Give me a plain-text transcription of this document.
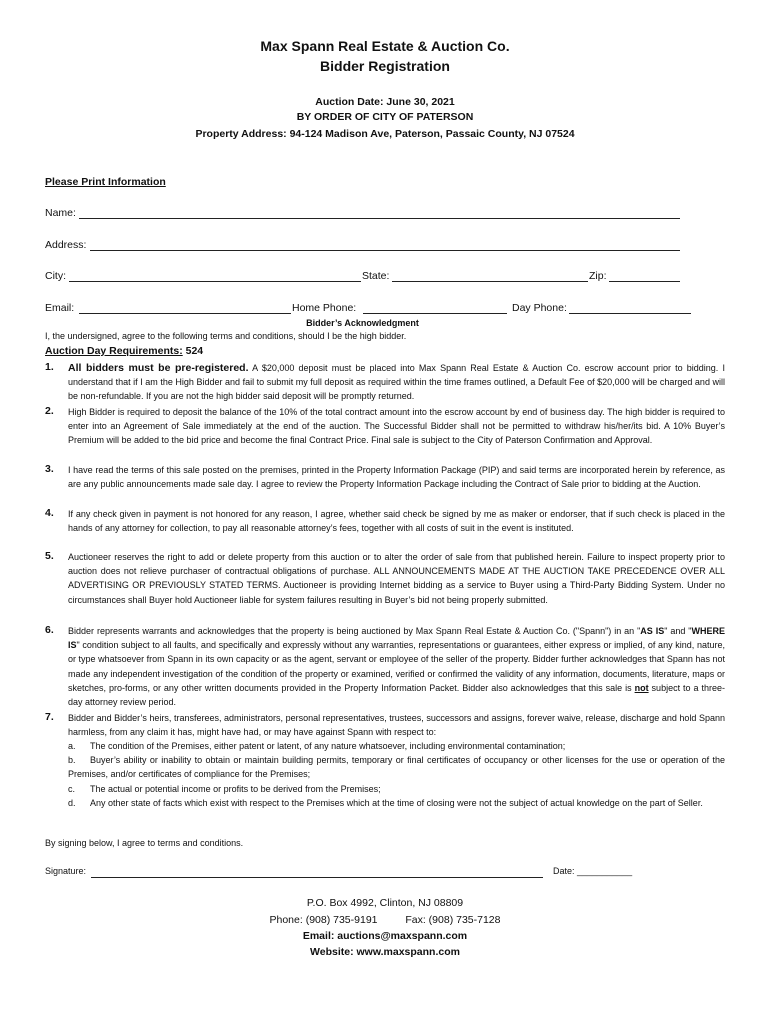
Max Spann Real Estate & Auction Co.
Bidder Registration
Auction Date: June 30, 2021
BY ORDER OF CITY OF PATERSON
Property Address: 94-124 Madison Ave, Paterson, Passaic County, NJ 07524
Please Print Information
Name:
Address:
City:	State:	Zip:
Email:	Home Phone:	Day Phone:
Bidder’s Acknowledgment
I, the undersigned, agree to the following terms and conditions, should I be the high bidder.
Auction Day Requirements: 524
1. All bidders must be pre-registered. A $20,000 deposit must be placed into Max Spann Real Estate & Auction Co. escrow account prior to bidding. I understand that if I am the High Bidder and fail to submit my full deposit as required within the time frames outlined, a Default Fee of $20,000 will be charged and will be non-refundable. If you are not the high bidder said deposit will be promptly returned.
2. High Bidder is required to deposit the balance of the 10% of the total contract amount into the escrow account by end of business day. The high bidder is required to enter into an Agreement of Sale immediately at the end of the auction. The Successful Bidder shall not be permitted to withdraw his/her/its bid. A 10% Buyer’s Premium will be added to the bid price and become the final Contract Price. Final sale is subject to the City of Paterson Confirmation and Approval.
3. I have read the terms of this sale posted on the premises, printed in the Property Information Package (PIP) and said terms are incorporated herein by reference, as are any public announcements made sale day. I agree to review the Property Information Package including the Contract of Sale prior to bidding at the Auction.
4. If any check given in payment is not honored for any reason, I agree, whether said check be signed by me as maker or endorser, that if such check is placed in the hands of any attorney for collection, to pay all reasonable attorney’s fees, together with all costs of suit in the event is instituted.
5. Auctioneer reserves the right to add or delete property from this auction or to alter the order of sale from that published herein. Failure to inspect property prior to auction does not relieve purchaser of contractual obligations of purchase. ALL ANNOUNCEMENTS MADE AT THE AUCTION TAKE PRECEDENCE OVER ALL ADVERTISING OR PREVIOUSLY STATED TERMS. Auctioneer is providing Internet bidding as a service to Buyer using a Third-Party Bidding System. Under no circumstances shall Buyer hold Auctioneer liable for system failures resulting in Buyer’s bid not being properly submitted.
6. Bidder represents warrants and acknowledges that the property is being auctioned by Max Spann Real Estate & Auction Co. ("Spann") in an "AS IS" and "WHERE IS" condition subject to all faults, and specifically and expressly without any warranties, representations or guarantees, either express or implied, of any kind, nature, or type whatsoever from Spann in its own capacity or as the agent, servant or employee of the seller of the property. Bidder further acknowledges that Spann has not made any independent investigation of the condition of the property or examined, verified or confirmed the validity of any information, documents, literature, maps or sketches, pro-forms, or any other written documents provided in the Property Information Packet. Bidder also acknowledges that this sale is not subject to a three-day attorney review period.
7. Bidder and Bidder’s heirs, transferees, administrators, personal representatives, trustees, successors and assigns, forever waive, release, discharge and hold Spann harmless, from any claim it has, might have had, or may have against Spann with respect to:
a. The condition of the Premises, either patent or latent, of any nature whatsoever, including environmental contamination;
b. Buyer’s ability or inability to obtain or maintain building permits, temporary or final certificates of occupancy or other licenses for the use or operation of the Premises, and/or certificates of compliance for the Premises;
c. The actual or potential income or profits to be derived from the Premises;
d. Any other state of facts which exist with respect to the Premises which at the time of closing were not the subject of actual knowledge on the part of Seller.
By signing below, I agree to terms and conditions.
Signature:	Date: ___________
P.O. Box 4992, Clinton, NJ 08809
Phone: (908) 735-9191	Fax: (908) 735-7128
Email: auctions@maxspann.com
Website: www.maxspann.com
